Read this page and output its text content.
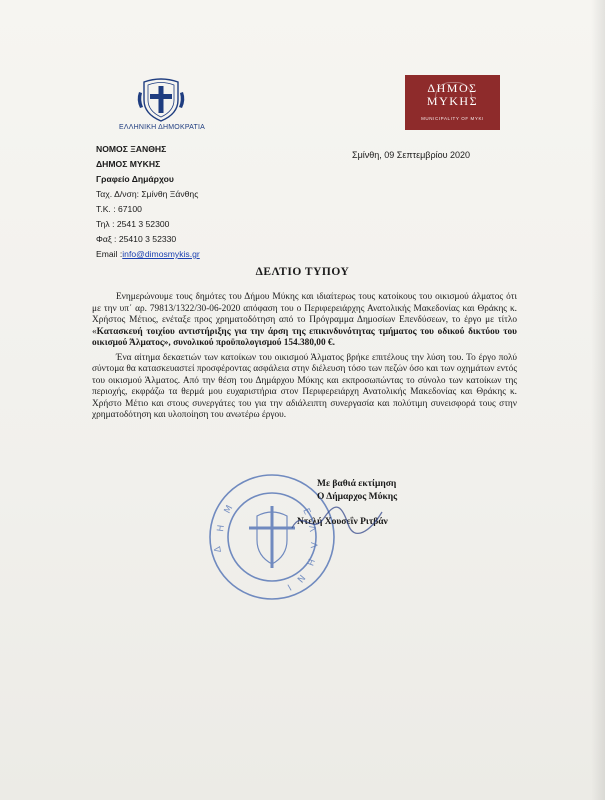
ΕΛΛΗΝΙΚΗ ΔΗΜΟΚΡΑΤΙΑ
ΔΗΜΟΣ
ΜΥΚΗΣ
MUNICIPALITY OF MYKI
ΝΟΜΟΣ ΞΑΝΘΗΣ
ΔΗΜΟΣ ΜΥΚΗΣ
Γραφείο Δημάρχου
Ταχ. Δ/νση: Σμίνθη Ξάνθης
Τ.Κ. : 67100
Τηλ : 2541 3 52300
Φαξ : 25410 3 52330
Email :info@dimosmykis.gr
Σμίνθη, 09 Σεπτεμβρίου 2020
ΔΕΛΤΙΟ ΤΥΠΟΥ

Ενημερώνουμε τους δημότες του Δήμου Μύκης και ιδιαίτερως τους κατοίκους του οικισμού άλματος ότι με την υπ΄ αρ. 79813/1322/30-06-2020 απόφαση του ο Περιφερειάρχης Ανατολικής Μακεδονίας και Θράκης κ. Χρήστος Μέτιος, ενέταξε προς χρηματοδότηση από το Πρόγραμμα Δημοσίων Επενδύσεων, το έργο με τίτλο «Κατασκευή τοιχίου αντιστήριξης για την άρση της επικινδυνότητας τμήματος του οδικού δικτύου του οικισμού Άλματος», συνολικού προϋπολογισμού 154.380,00 €.

Ένα αίτημα δεκαετιών των κατοίκων του οικισμού Άλματος βρήκε επιτέλους την λύση του. Το έργο πολύ σύντομα θα κατασκευαστεί προσφέροντας ασφάλεια στην διέλευση τόσο των πεζών όσο και των οχημάτων εντός του οικισμού Άλματος. Από την θέση του Δημάρχου Μύκης και εκπροσωπώντας το σύνολο των κατοίκων της περιοχής, εκφράζω τα θερμά μου ευχαριστήρια στον Περιφερειάρχη Ανατολικής Μακεδονίας και Θράκης κ. Χρήστο Μέτιο και στους συνεργάτες του για την αδιάλειπτη συνεργασία και πολύτιμη συνεισφορά τους στην χρηματοδότηση και υλοποίηση του ανωτέρω έργου.

Ε
Λ
Λ
Η
Ν
Ι
Δ
Η
Μ
Με βαθιά εκτίμηση
Ο Δήμαρχος Μύκης
Ντελή Χουσεΐν Ριτβάν
